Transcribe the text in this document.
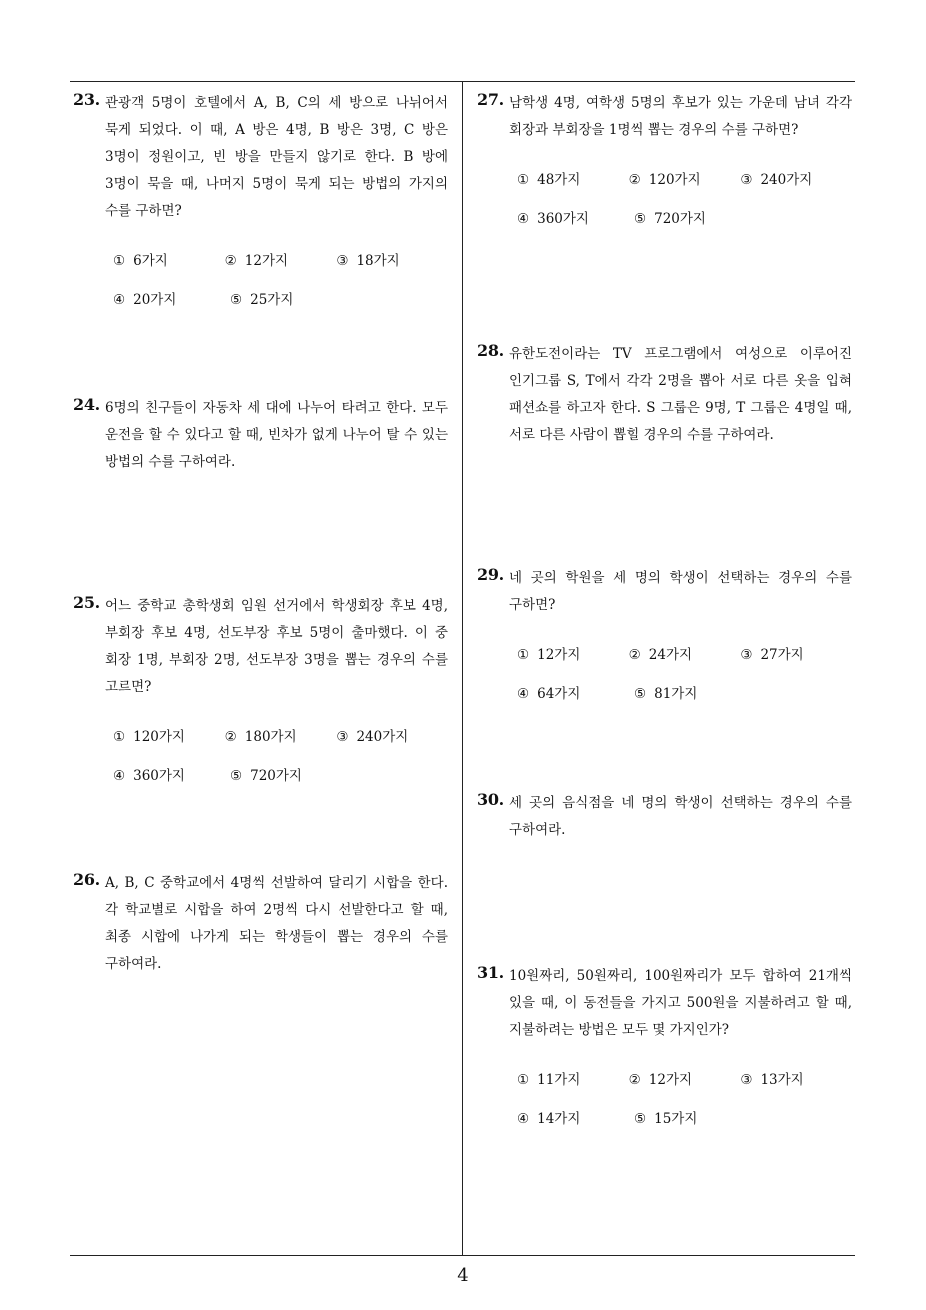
23. 관광객 5명이 호텔에서 A, B, C의 세 방으로 나뉘어서 묵게 되었다. 이 때, A 방은 4명, B 방은 3명, C 방은 3명이 정원이고, 빈 방을 만들지 않기로 한다. B 방에 3명이 묵을 때, 나머지 5명이 묵게 되는 방법의 가지의 수를 구하면?
① 6가지	② 12가지	③ 18가지
④ 20가지	⑤ 25가지
24. 6명의 친구들이 자동차 세 대에 나누어 타려고 한다. 모두 운전을 할 수 있다고 할 때, 빈차가 없게 나누어 탈 수 있는 방법의 수를 구하여라.
25. 어느 중학교 총학생회 임원 선거에서 학생회장 후보 4명, 부회장 후보 4명, 선도부장 후보 5명이 출마했다. 이 중 회장 1명, 부회장 2명, 선도부장 3명을 뽑는 경우의 수를 고르면?
① 120가지	② 180가지	③ 240가지
④ 360가지	⑤ 720가지
26. A, B, C 중학교에서 4명씩 선발하여 달리기 시합을 한다. 각 학교별로 시합을 하여 2명씩 다시 선발한다고 할 때, 최종 시합에 나가게 되는 학생들이 뽑는 경우의 수를 구하여라.
27. 남학생 4명, 여학생 5명의 후보가 있는 가운데 남녀 각각 회장과 부회장을 1명씩 뽑는 경우의 수를 구하면?
① 48가지	② 120가지	③ 240가지
④ 360가지	⑤ 720가지
28. 유한도전이라는 TV 프로그램에서 여성으로 이루어진 인기그룹 S, T에서 각각 2명을 뽑아 서로 다른 옷을 입혀 패션쇼를 하고자 한다. S 그룹은 9명, T 그룹은 4명일 때, 서로 다른 사람이 뽑힐 경우의 수를 구하여라.
29. 네 곳의 학원을 세 명의 학생이 선택하는 경우의 수를 구하면?
① 12가지	② 24가지	③ 27가지
④ 64가지	⑤ 81가지
30. 세 곳의 음식점을 네 명의 학생이 선택하는 경우의 수를 구하여라.
31. 10원짜리, 50원짜리, 100원짜리가 모두 합하여 21개씩 있을 때, 이 동전들을 가지고 500원을 지불하려고 할 때, 지불하려는 방법은 모두 몇 가지인가?
① 11가지	② 12가지	③ 13가지
④ 14가지	⑤ 15가지
4
